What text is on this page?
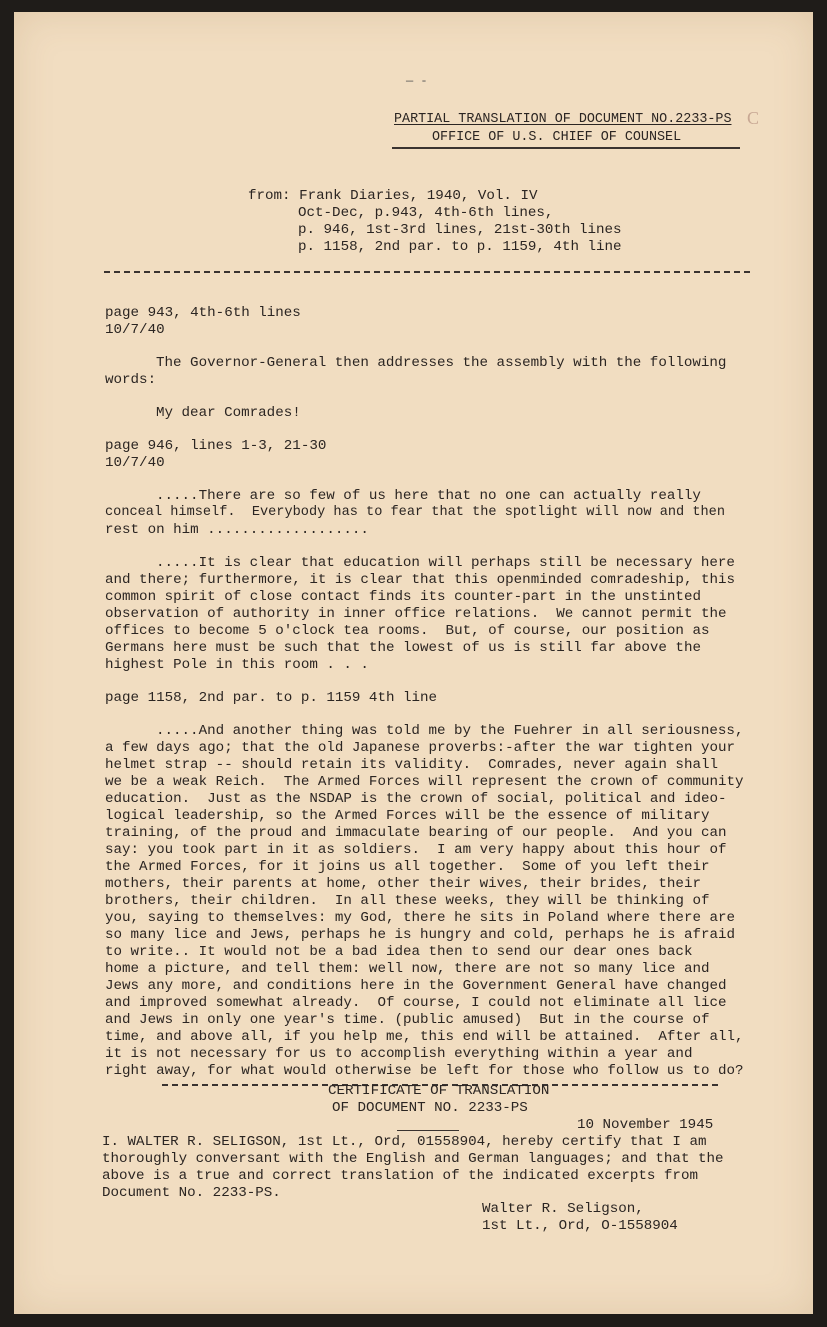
— -
PARTIAL TRANSLATION OF DOCUMENT NO.2233-PS C
OFFICE OF U.S. CHIEF OF COUNSEL
from: Frank Diaries, 1940, Vol. IV
Oct-Dec, p.943, 4th-6th lines,
p. 946, 1st-3rd lines, 21st-30th lines
p. 1158, 2nd par. to p. 1159, 4th line
page 943, 4th-6th lines
10/7/40
The Governor-General then addresses the assembly with the following
words:
My dear Comrades!
page 946, lines 1-3, 21-30
10/7/40
.....There are so few of us here that no one can actually really
conceal himself.  Everybody has to fear that the spotlight will now and then
rest on him ...................
.....It is clear that education will perhaps still be necessary here
and there; furthermore, it is clear that this openminded comradeship, this
common spirit of close contact finds its counter-part in the unstinted
observation of authority in inner office relations.  We cannot permit the
offices to become 5 o'clock tea rooms.  But, of course, our position as
Germans here must be such that the lowest of us is still far above the
highest Pole in this room . . .
page 1158, 2nd par. to p. 1159 4th line
.....And another thing was told me by the Fuehrer in all seriousness,
a few days ago; that the old Japanese proverbs:-after the war tighten your
helmet strap -- should retain its validity.  Comrades, never again shall
we be a weak Reich.  The Armed Forces will represent the crown of community
education.  Just as the NSDAP is the crown of social, political and ideo-
logical leadership, so the Armed Forces will be the essence of military
training, of the proud and immaculate bearing of our people.  And you can
say: you took part in it as soldiers.  I am very happy about this hour of
the Armed Forces, for it joins us all together.  Some of you left their
mothers, their parents at home, other their wives, their brides, their
brothers, their children.  In all these weeks, they will be thinking of
you, saying to themselves: my God, there he sits in Poland where there are
so many lice and Jews, perhaps he is hungry and cold, perhaps he is afraid
to write.. It would not be a bad idea then to send our dear ones back
home a picture, and tell them: well now, there are not so many lice and
Jews any more, and conditions here in the Government General have changed
and improved somewhat already.  Of course, I could not eliminate all lice
and Jews in only one year's time. (public amused)  But in the course of
time, and above all, if you help me, this end will be attained.  After all,
it is not necessary for us to accomplish everything within a year and
right away, for what would otherwise be left for those who follow us to do?
CERTIFICATE OF TRANSLATION
OF DOCUMENT NO. 2233-PS
10 November 1945
I. WALTER R. SELIGSON, 1st Lt., Ord, 01558904, hereby certify that I am
thoroughly conversant with the English and German languages; and that the
above is a true and correct translation of the indicated excerpts from
Document No. 2233-PS.
Walter R. Seligson,
1st Lt., Ord, O-1558904
